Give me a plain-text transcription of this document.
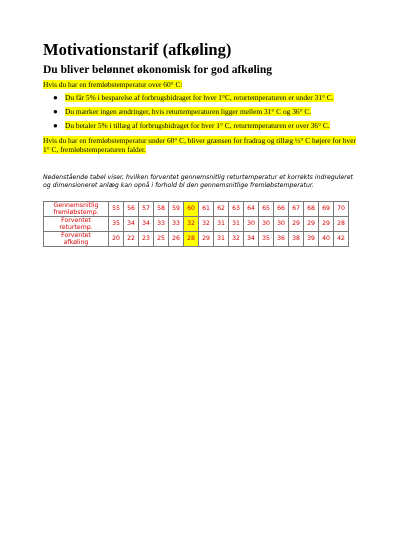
Motivationstarif (afkøling)
Du bliver belønnet økonomisk for god afkøling
Hvis du har en fremløbstemperatur over 60° C:
● Du får 5% i besparelse af forbrugsbidraget for hver 1°C, returtemperaturen er under 31° C.
● Du mærker ingen ændringer, hvis returtemperaturen ligger mellem 31° C og 36° C.
● Du betaler 5% i tillæg af forbrugsbidraget for hver 1° C, returtemperaturen er over 36° C.
Hvis du har en fremløbstemperatur under 60° C, bliver grænsen for fradrag og tillæg ½° C højere for hver 1° C, fremløbstemperaturen falder.
Nedenstående tabel viser, hvilken forventet gennemsnitlig returtemperatur et korrekts indreguleret og dimensioneret anlæg kan opnå i forhold bl den gennemsnitlige fremløbstemperatur.
Gennemsnitlig
fremløbstemp.	55	56	57	58	59	60	61	62	63	64	65	66	67	68	69	70
Forventet
returtemp.	35	34	34	33	33	32	32	31	31	30	30	30	29	29	29	28
Forventet
afkøling	20	22	23	25	26	28	29	31	32	34	35	36	38	39	40	42
